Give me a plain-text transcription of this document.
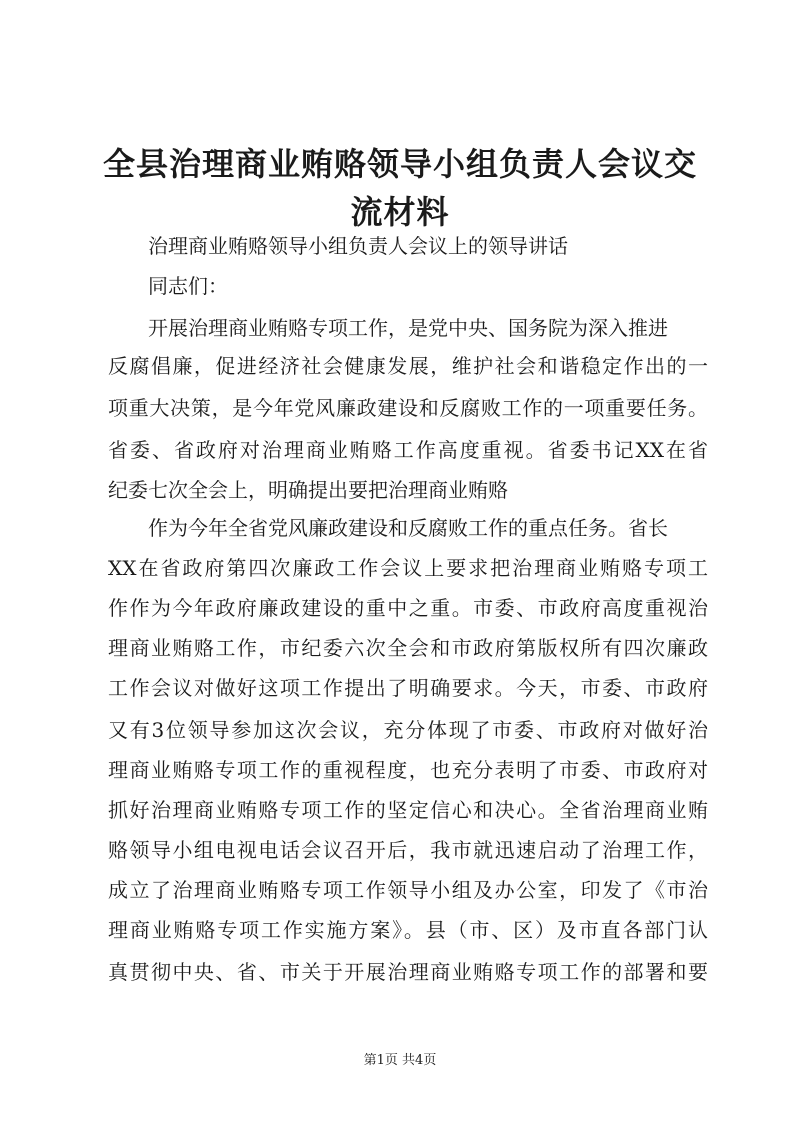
全县治理商业贿赂领导小组负责人会议交流材料

治理商业贿赂领导小组负责人会议上的领导讲话

同志们：

开展治理商业贿赂专项工作，是党中央、国务院为深入推进

反腐倡廉，促进经济社会健康发展，维护社会和谐稳定作出的一

项重大决策，是今年党风廉政建设和反腐败工作的一项重要任务。

省委、省政府对治理商业贿赂工作高度重视。省委书记XX在省

纪委七次全会上，明确提出要把治理商业贿赂

作为今年全省党风廉政建设和反腐败工作的重点任务。省长

XX在省政府第四次廉政工作会议上要求把治理商业贿赂专项工

作作为今年政府廉政建设的重中之重。市委、市政府高度重视治

理商业贿赂工作，市纪委六次全会和市政府第版权所有四次廉政

工作会议对做好这项工作提出了明确要求。今天，市委、市政府

又有3位领导参加这次会议，充分体现了市委、市政府对做好治

理商业贿赂专项工作的重视程度，也充分表明了市委、市政府对

抓好治理商业贿赂专项工作的坚定信心和决心。全省治理商业贿

赂领导小组电视电话会议召开后，我市就迅速启动了治理工作，

成立了治理商业贿赂专项工作领导小组及办公室，印发了《市治

理商业贿赂专项工作实施方案》。县（市、区）及市直各部门认

真贯彻中央、省、市关于开展治理商业贿赂专项工作的部署和要

第1页 共4页
